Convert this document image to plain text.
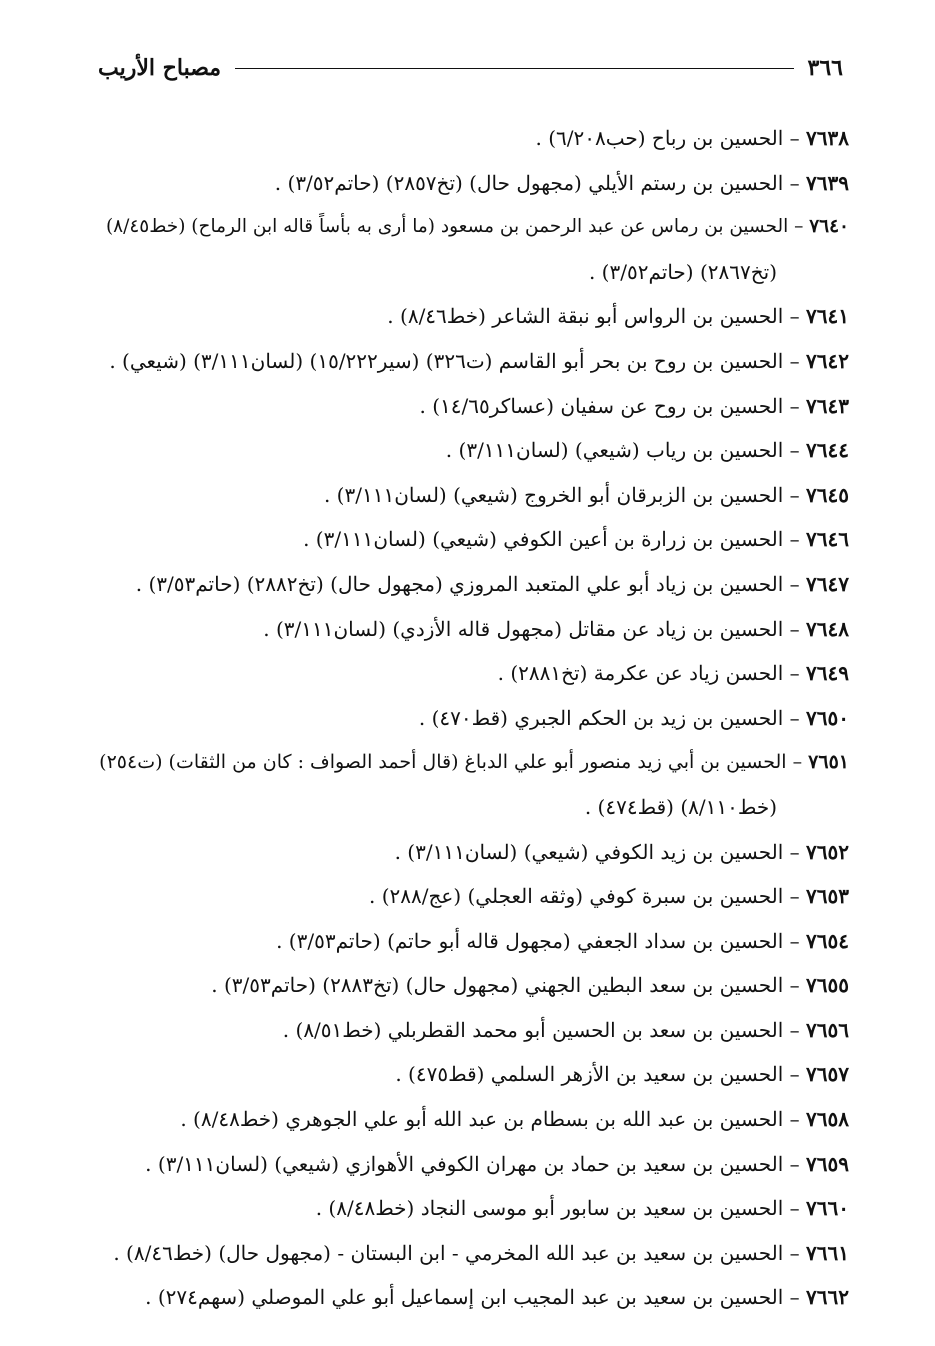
٣٦٦
مصباح الأريب
٧٦٣٨ – الحسين بن رباح (حب٦/٢٠٨) .
٧٦٣٩ – الحسين بن رستم الأيلي (مجهول حال) (تخ٢٨٥٧) (حاتم٣/٥٢) .
٧٦٤٠ – الحسين بن رماس عن عبد الرحمن بن مسعود (ما أرى به بأساً قاله ابن الرماح) (خط٨/٤٥)
(تخ٢٨٦٧) (حاتم٣/٥٢) .
٧٦٤١ – الحسين بن الرواس أبو نبقة الشاعر (خط٨/٤٦) .
٧٦٤٢ – الحسين بن روح بن بحر أبو القاسم (ت٣٢٦) (سير١٥/٢٢٢) (لسان٣/١١١) (شيعي) .
٧٦٤٣ – الحسين بن روح عن سفيان (عساكر١٤/٦٥) .
٧٦٤٤ – الحسين بن رياب (شيعي) (لسان٣/١١١) .
٧٦٤٥ – الحسين بن الزبرقان أبو الخروج (شيعي) (لسان٣/١١١) .
٧٦٤٦ – الحسين بن زرارة بن أعين الكوفي (شيعي) (لسان٣/١١١) .
٧٦٤٧ – الحسين بن زياد أبو علي المتعبد المروزي (مجهول حال) (تخ٢٨٨٢) (حاتم٣/٥٣) .
٧٦٤٨ – الحسين بن زياد عن مقاتل (مجهول قاله الأزدي) (لسان٣/١١١) .
٧٦٤٩ – الحسن زياد عن عكرمة (تخ٢٨٨١) .
٧٦٥٠ – الحسين بن زيد بن الحكم الجبري (قط٤٧٠) .
٧٦٥١ – الحسين بن أبي زيد منصور أبو علي الدباغ (قال أحمد الصواف : كان من الثقات) (ت٢٥٤)
(خط٨/١١٠) (قط٤٧٤) .
٧٦٥٢ – الحسين بن زيد الكوفي (شيعي) (لسان٣/١١١) .
٧٦٥٣ – الحسين بن سبرة كوفي (وثقه العجلي) (عج/٢٨٨) .
٧٦٥٤ – الحسين بن سداد الجعفي (مجهول قاله أبو حاتم) (حاتم٣/٥٣) .
٧٦٥٥ – الحسين بن سعد البطين الجهني (مجهول حال) (تخ٢٨٨٣) (حاتم٣/٥٣) .
٧٦٥٦ – الحسين بن سعد بن الحسين أبو محمد القطربلي (خط٨/٥١) .
٧٦٥٧ – الحسين بن سعيد بن الأزهر السلمي (قط٤٧٥) .
٧٦٥٨ – الحسين بن عبد الله بن بسطام بن عبد الله أبو علي الجوهري (خط٨/٤٨) .
٧٦٥٩ – الحسين بن سعيد بن حماد بن مهران الكوفي الأهوازي (شيعي) (لسان٣/١١١) .
٧٦٦٠ – الحسين بن سعيد بن سابور أبو موسى النجاد (خط٨/٤٨) .
٧٦٦١ – الحسين بن سعيد بن عبد الله المخرمي - ابن البستان - (مجهول حال) (خط٨/٤٦) .
٧٦٦٢ – الحسين بن سعيد بن عبد المجيب ابن إسماعيل أبو علي الموصلي (سهم٢٧٤) .
